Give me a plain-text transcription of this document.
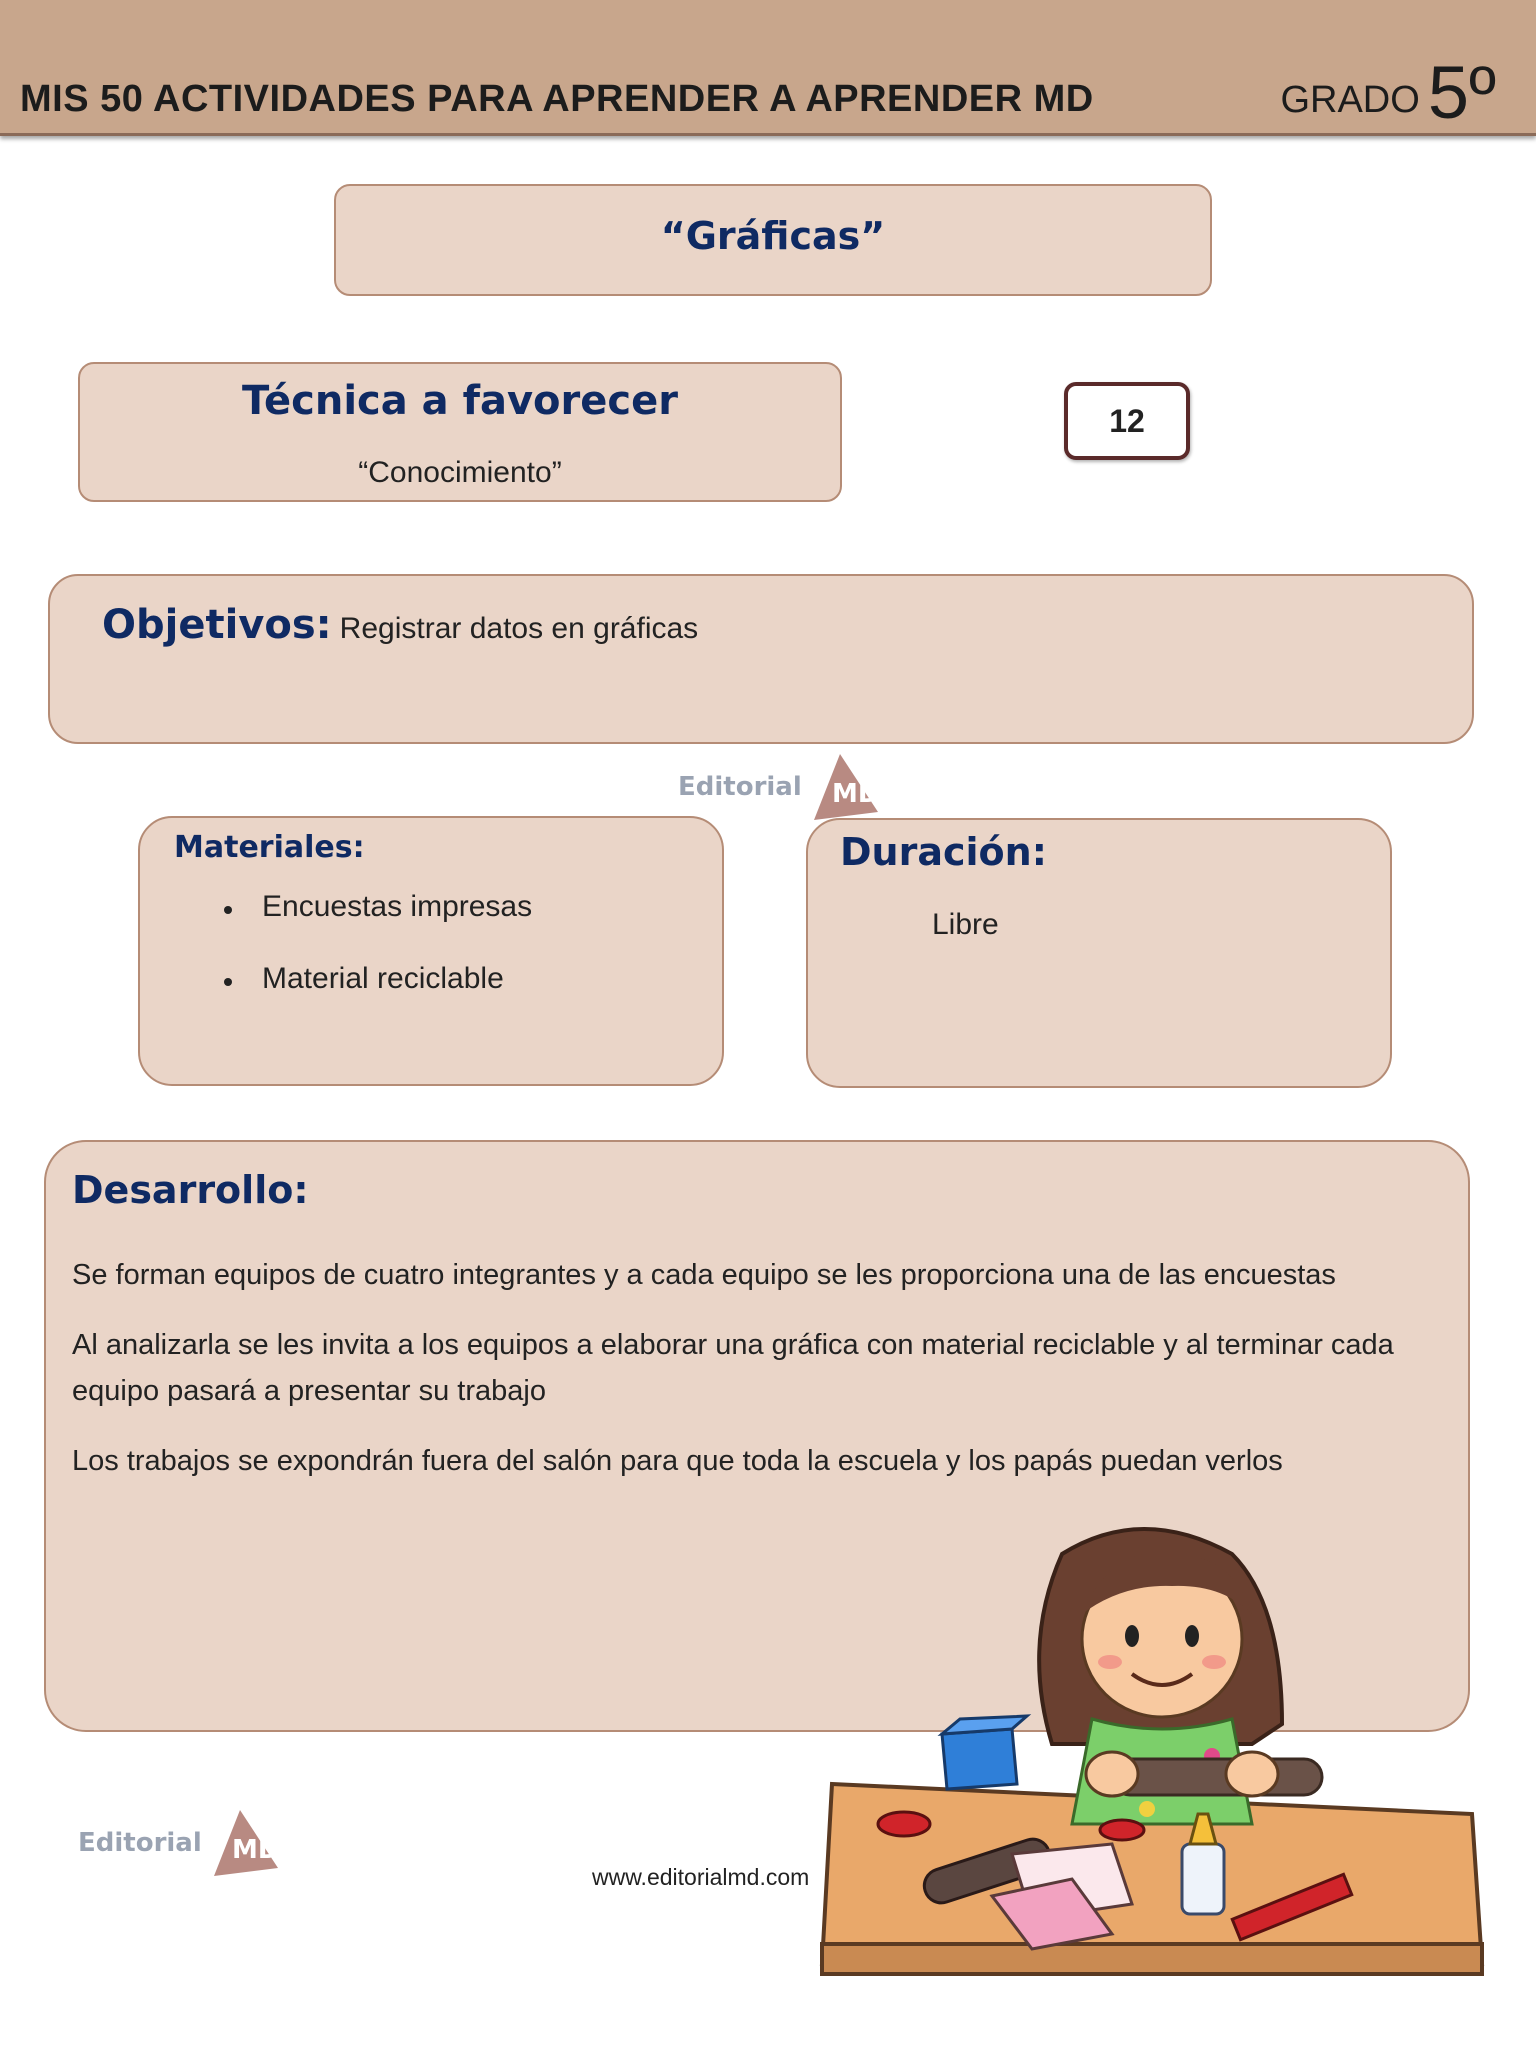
MIS 50 ACTIVIDADES PARA APRENDER A APRENDER MD	GRADO 5º
“Gráficas”
Técnica a favorecer
“Conocimiento”
12
Objetivos: Registrar datos en gráficas
Editorial MD
Materiales:
Encuestas impresas
Material reciclable
Duración:
Libre
Desarrollo:

Se forman equipos de cuatro integrantes y a cada equipo se les proporciona una de las encuestas

Al analizarla se les invita a los equipos a elaborar una gráfica con material reciclable y al terminar cada equipo pasará a presentar su trabajo

Los trabajos se expondrán fuera del salón para que toda la escuela y los papás puedan verlos

Editorial MD
www.editorialmd.com
